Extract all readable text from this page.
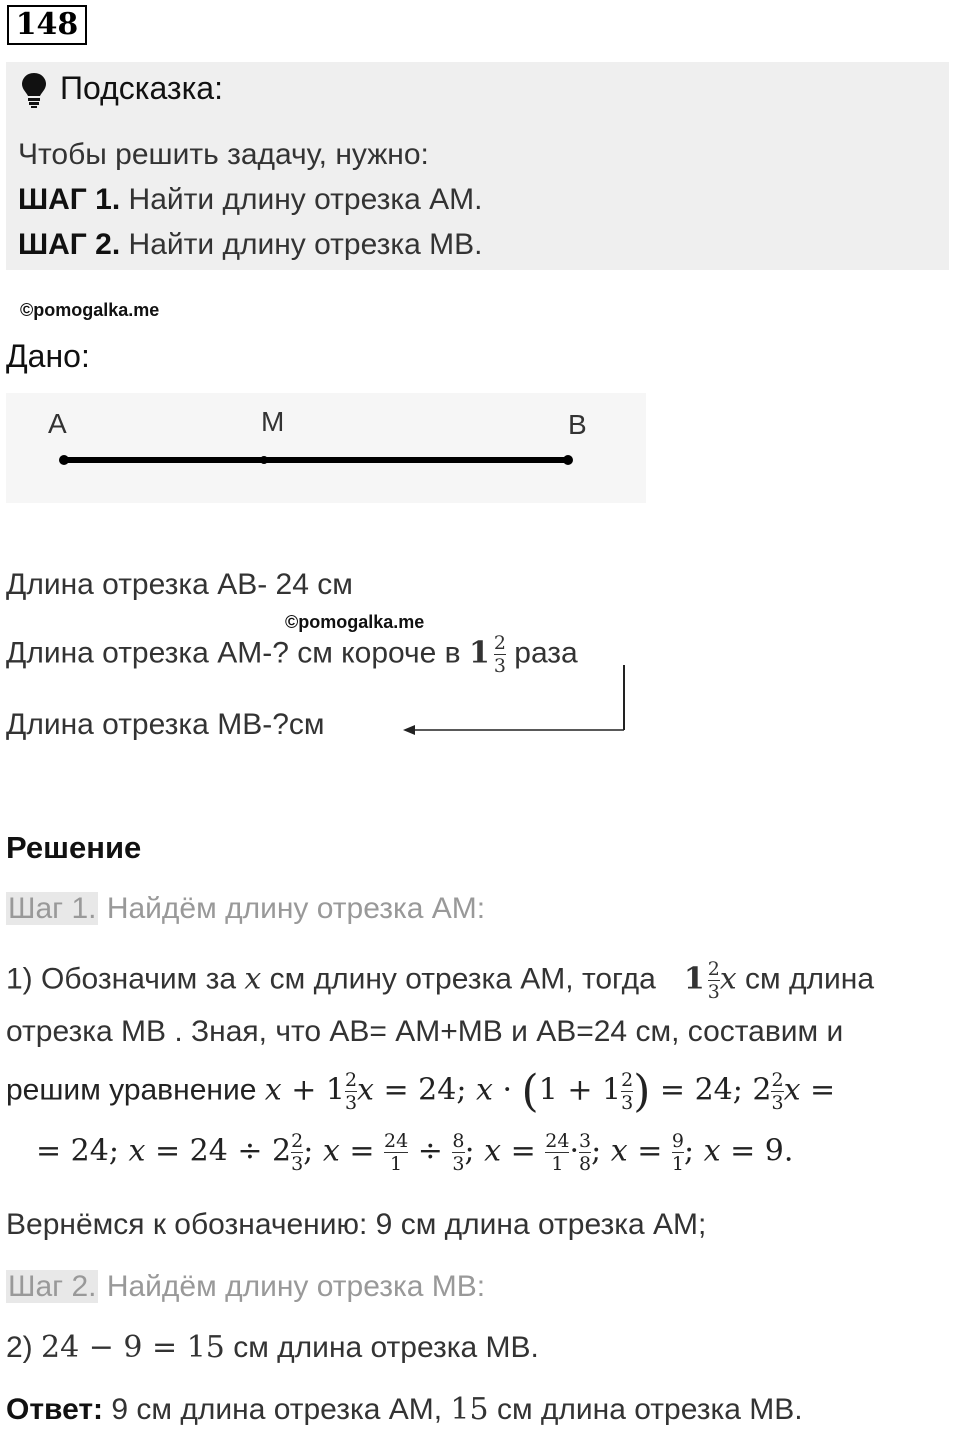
148
Подсказка:
Чтобы решить задачу, нужно:
ШАГ 1. Найти длину отрезка АМ.
ШАГ 2. Найти длину отрезка МВ.
©pomogalka.me
Дано:
A	M	B
Длина отрезка АВ- 24 см
©pomogalka.me
Длина отрезка АМ-? см короче в $1 \frac{2}{3}$ раза
Длина отрезка МВ-?см
Решение
Шаг 1. Найдём длину отрезка АМ:
1) Обозначим за x см длину отрезка АМ, тогда $1 \frac{2}{3}$ x см длина
отрезка МВ . Зная, что АВ= АМ+МВ и АВ=24 см, составим и
решим уравнение $x + 1 \frac{2}{3}$ x = 24; $x \cdot (1 + 1 \frac{2}{3}$ ) = 24; $2 \frac{2}{3}$ x =
= 24; $x = 24 \div 2 \frac{2}{3}$ ; $x = \frac{24}{1} \div \frac{8}{3}$ ; $x = \frac{24}{1} \cdot \frac{3}{8}$ ; $x = \frac{9}{1}$ ; x = 9.
Вернёмся к обозначению: 9 см длина отрезка АМ;
Шаг 2. Найдём длину отрезка МВ:
2) 24 − 9 = 15 см длина отрезка МВ.
Ответ: 9 см длина отрезка АМ, 15 см длина отрезка МВ.
